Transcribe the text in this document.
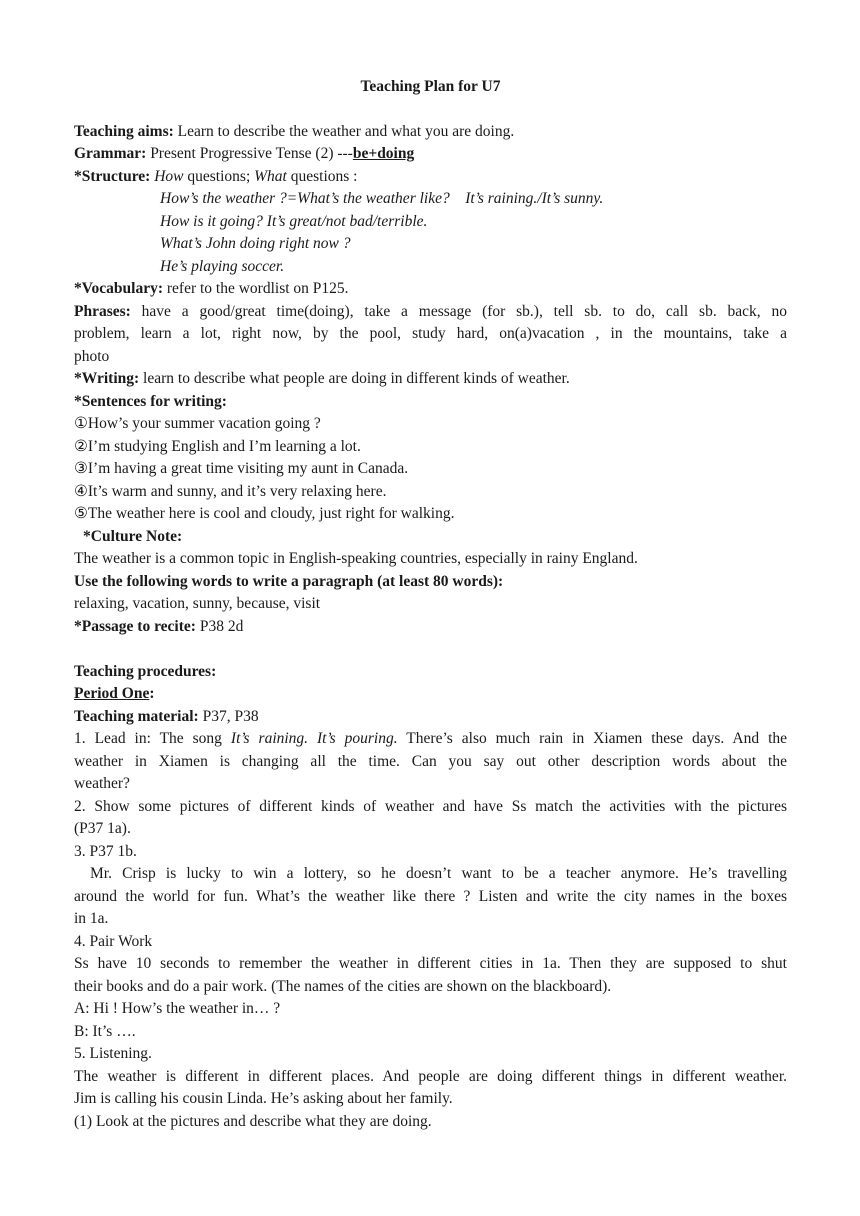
Teaching Plan for U7
Teaching aims: Learn to describe the weather and what you are doing.
Grammar: Present Progressive Tense (2) ---be+doing
*Structure: How questions; What questions :
How’s the weather ?=What’s the weather like?    It’s raining./It’s sunny.
How is it going? It’s great/not bad/terrible.
What’s John doing right now ?
He’s playing soccer.
*Vocabulary: refer to the wordlist on P125.
Phrases: have a good/great time(doing), take a message (for sb.), tell sb. to do, call sb. back, no
problem, learn a lot, right now, by the pool, study hard, on(a)vacation , in the mountains, take a
photo
*Writing: learn to describe what people are doing in different kinds of weather.
*Sentences for writing:
①How’s your summer vacation going ?
②I’m studying English and I’m learning a lot.
③I’m having a great time visiting my aunt in Canada.
④It’s warm and sunny, and it’s very relaxing here.
⑤The weather here is cool and cloudy, just right for walking.
*Culture Note:
The weather is a common topic in English-speaking countries, especially in rainy England.
Use the following words to write a paragraph (at least 80 words):
relaxing, vacation, sunny, because, visit
*Passage to recite: P38 2d
Teaching procedures:
Period One:
Teaching material: P37, P38
1. Lead in: The song It’s raining. It’s pouring. There’s also much rain in Xiamen these days. And the
weather in Xiamen is changing all the time. Can you say out other description words about the
weather?
2. Show some pictures of different kinds of weather and have Ss match the activities with the pictures
(P37 1a).
3. P37 1b.
Mr. Crisp is lucky to win a lottery, so he doesn’t want to be a teacher anymore. He’s travelling
around the world for fun. What’s the weather like there ? Listen and write the city names in the boxes
in 1a.
4. Pair Work
Ss have 10 seconds to remember the weather in different cities in 1a. Then they are supposed to shut
their books and do a pair work. (The names of the cities are shown on the blackboard).
A: Hi ! How’s the weather in… ?
B: It’s ….
5. Listening.
The weather is different in different places. And people are doing different things in different weather.
Jim is calling his cousin Linda. He’s asking about her family.
(1) Look at the pictures and describe what they are doing.
